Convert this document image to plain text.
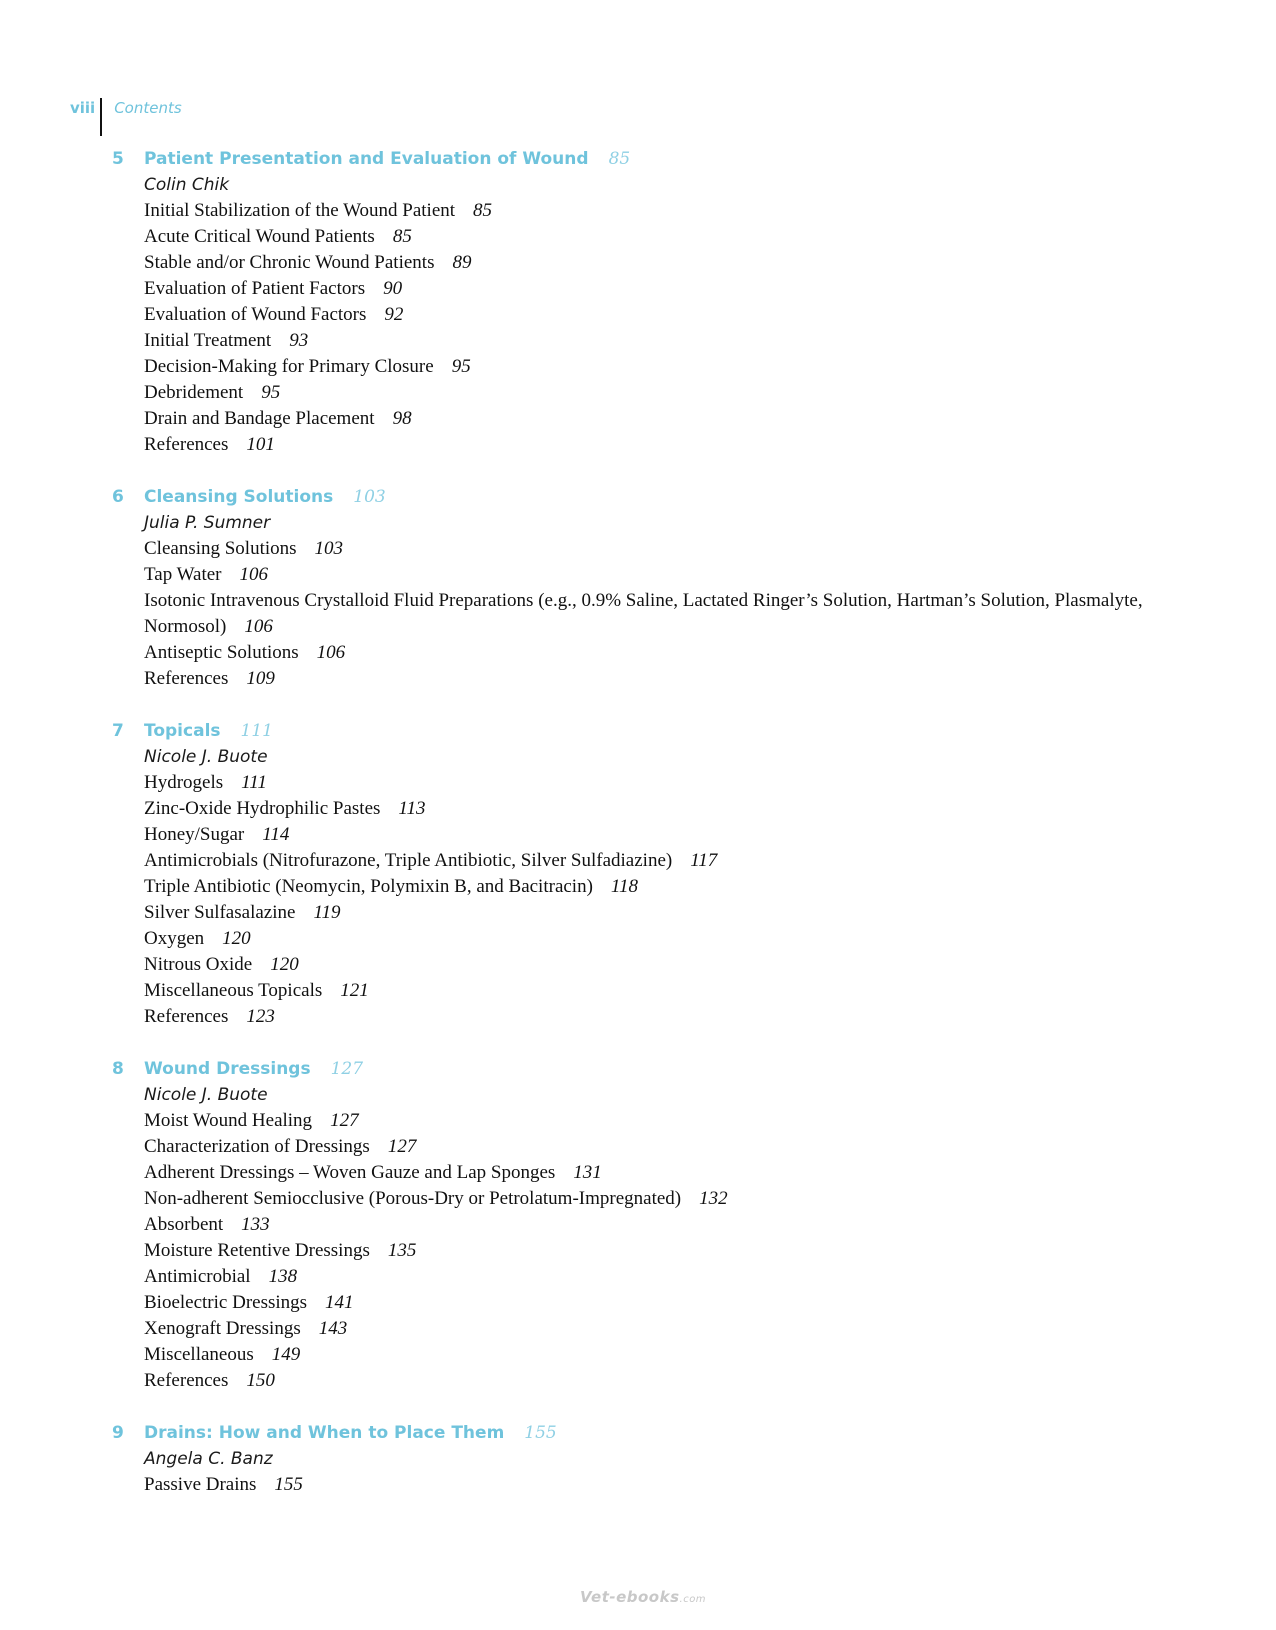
viii	Contents
5	Patient Presentation and Evaluation of Wound 85
Colin Chik
Initial Stabilization of the Wound Patient 85
Acute Critical Wound Patients 85
Stable and/or Chronic Wound Patients 89
Evaluation of Patient Factors 90
Evaluation of Wound Factors 92
Initial Treatment 93
Decision-Making for Primary Closure 95
Debridement 95
Drain and Bandage Placement 98
References 101
6	Cleansing Solutions 103
Julia P. Sumner
Cleansing Solutions 103
Tap Water 106
Isotonic Intravenous Crystalloid Fluid Preparations (e.g., 0.9% Saline, Lactated Ringer’s Solution, Hartman’s Solution, Plasmalyte, Normosol) 106
Antiseptic Solutions 106
References 109
7	Topicals 111
Nicole J. Buote
Hydrogels 111
Zinc-Oxide Hydrophilic Pastes 113
Honey/Sugar 114
Antimicrobials (Nitrofurazone, Triple Antibiotic, Silver Sulfadiazine) 117
Triple Antibiotic (Neomycin, Polymixin B, and Bacitracin) 118
Silver Sulfasalazine 119
Oxygen 120
Nitrous Oxide 120
Miscellaneous Topicals 121
References 123
8	Wound Dressings 127
Nicole J. Buote
Moist Wound Healing 127
Characterization of Dressings 127
Adherent Dressings – Woven Gauze and Lap Sponges 131
Non-adherent Semiocclusive (Porous-Dry or Petrolatum-Impregnated) 132
Absorbent 133
Moisture Retentive Dressings 135
Antimicrobial 138
Bioelectric Dressings 141
Xenograft Dressings 143
Miscellaneous 149
References 150
9	Drains: How and When to Place Them 155
Angela C. Banz
Passive Drains 155
Vet-ebooks.com
